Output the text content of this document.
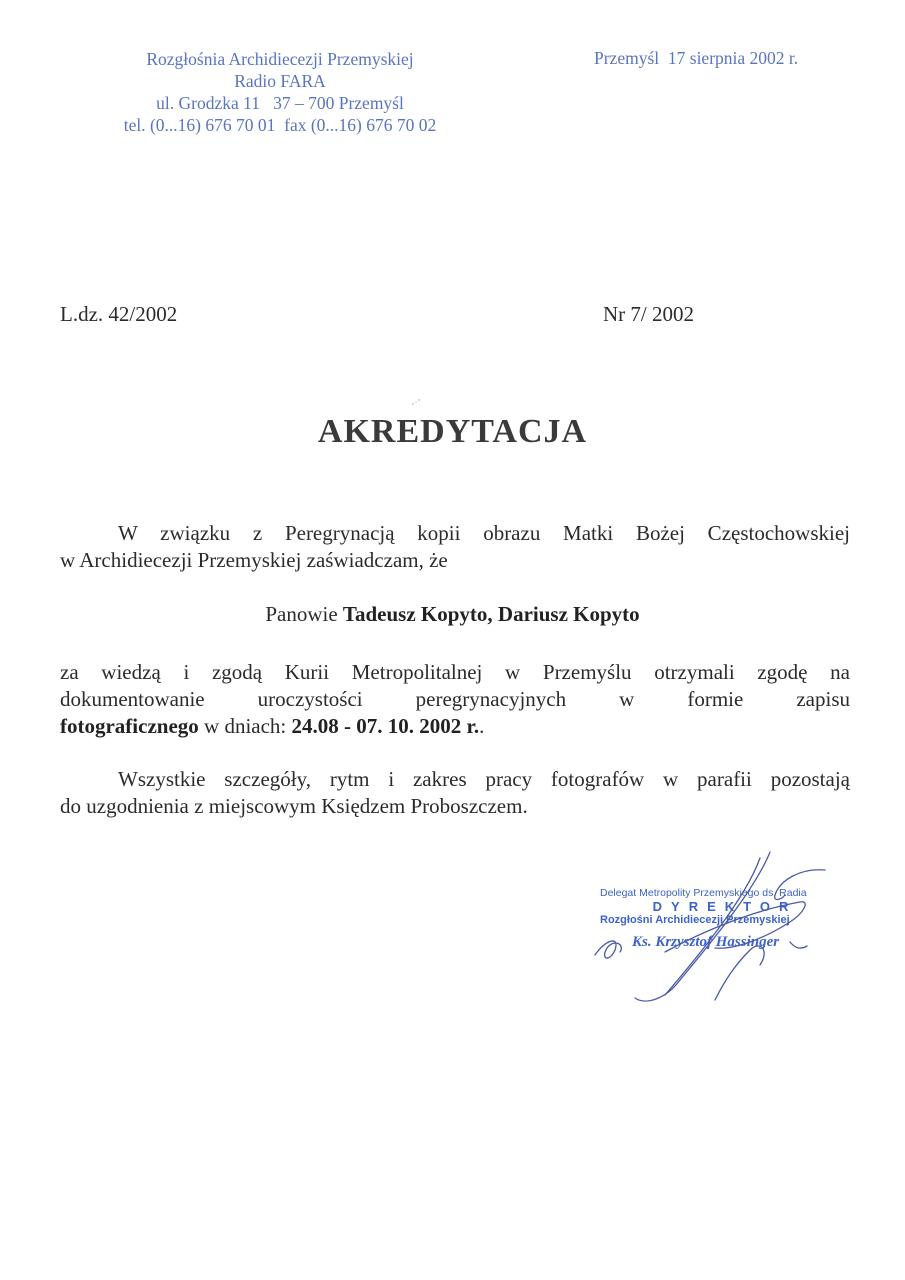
Rozgłośnia Archidiecezji Przemyskiej
Radio FARA
ul. Grodzka 11   37 – 700 Przemyśl
tel. (0...16) 676 70 01  fax (0...16) 676 70 02
Przemyśl  17 sierpnia 2002 r.
L.dz. 42/2002	Nr 7/ 2002
AKREDYTACJA
W związku z Peregrynacją kopii obrazu Matki Bożej Częstochowskiej
w Archidiecezji Przemyskiej zaświadczam, że
Panowie Tadeusz Kopyto, Dariusz Kopyto
za wiedzą i zgodą Kurii Metropolitalnej w Przemyślu otrzymali zgodę na
dokumentowanie uroczystości peregrynacyjnych w formie zapisu
fotograficznego w dniach: 24.08 - 07. 10. 2002 r..
Wszystkie szczegóły, rytm i zakres pracy fotografów w parafii pozostają
do uzgodnienia z miejscowym Księdzem Proboszczem.
Delegat Metropolity Przemyskiego ds. Radia
DYREKTOR
Rozgłośni Archidiecezji Przemyskiej
Ks. Krzysztof Hassinger
